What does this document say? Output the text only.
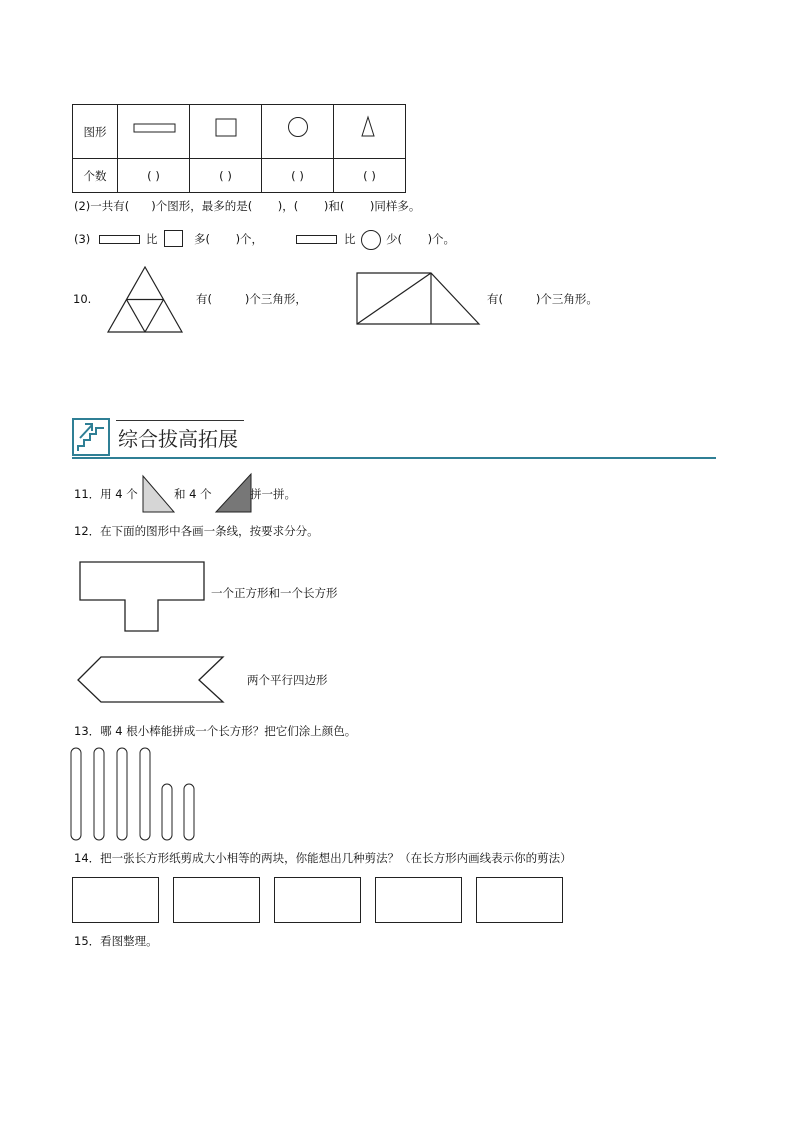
图形				
个数	( )	( )	( )	( )
(2)一共有(      )个图形，最多的是(       )，(       )和(       )同样多。
(3)	比	多(       )个，	比	少(       )个。
10.	有(         )个三角形，	有(         )个三角形。
综合拔高拓展
11．用 4 个	和 4 个	拼一拼。
12．在下面的图形中各画一条线，按要求分分。
一个正方形和一个长方形
两个平行四边形
13．哪 4 根小棒能拼成一个长方形？把它们涂上颜色。
14．把一张长方形纸剪成大小相等的两块，你能想出几种剪法？（在长方形内画线表示你的剪法）
15．看图整理。
